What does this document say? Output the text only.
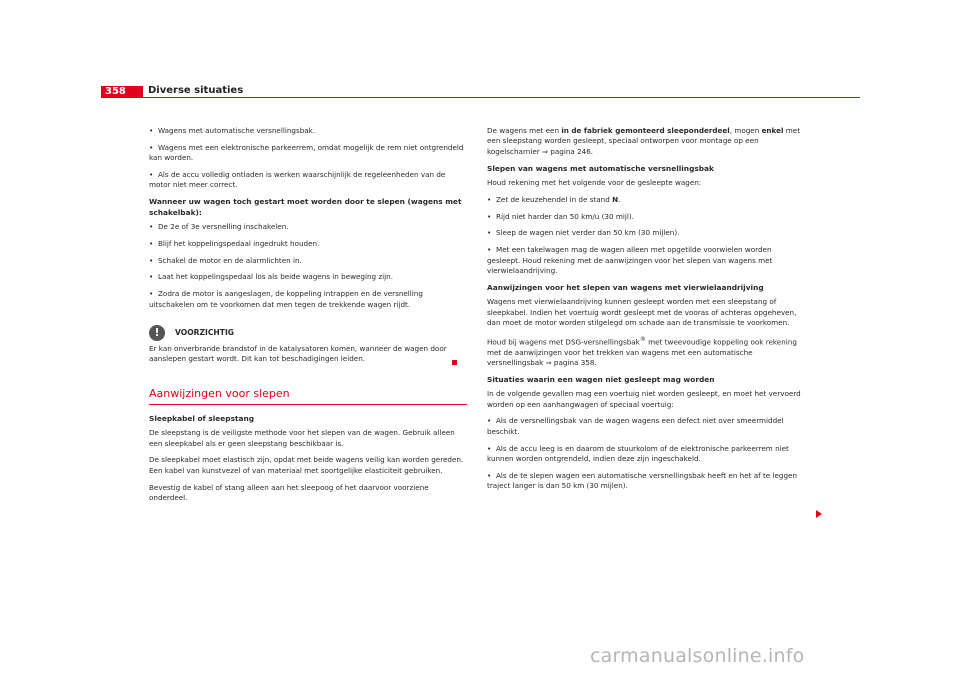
358	Diverse situaties
• Wagens met automatische versnellingsbak.
• Wagens met een elektronische parkeerrem, omdat mogelijk de rem niet ontgrendeld kan worden.
• Als de accu volledig ontladen is werken waarschijnlijk de regeleenheden van de motor niet meer correct.
Wanneer uw wagen toch gestart moet worden door te slepen (wagens met schakelbak):
• De 2e of 3e versnelling inschakelen.
• Blijf het koppelingspedaal ingedrukt houden.
• Schakel de motor en de alarmlichten in.
• Laat het koppelingspedaal los als beide wagens in beweging zijn.
• Zodra de motor is aangeslagen, de koppeling intrappen en de versnelling uitschakelen om te voorkomen dat men tegen de trekkende wagen rijdt.
!	VOORZICHTIG
Er kan onverbrande brandstof in de katalysatoren komen, wanneer de wagen door aanslepen gestart wordt. Dit kan tot beschadigingen leiden.
Aanwijzingen voor slepen
Sleepkabel of sleepstang
De sleepstang is de veiligste methode voor het slepen van de wagen. Gebruik alleen een sleepkabel als er geen sleepstang beschikbaar is.
De sleepkabel moet elastisch zijn, opdat met beide wagens veilig kan worden gereden. Een kabel van kunstvezel of van materiaal met soortgelijke elasticiteit gebruiken.
Bevestig de kabel of stang alleen aan het sleepoog of het daarvoor voorziene onderdeel.
De wagens met een in de fabriek gemonteerd sleeponderdeel, mogen enkel met een sleepstang worden gesleept, speciaal ontworpen voor montage op een kogelscharnier ⇒ pagina 246.
Slepen van wagens met automatische versnellingsbak
Houd rekening met het volgende voor de gesleepte wagen:
• Zet de keuzehendel in de stand N.
• Rijd niet harder dan 50 km/u (30 mijl).
• Sleep de wagen niet verder dan 50 km (30 mijlen).
• Met een takelwagen mag de wagen alleen met opgetilde voorwielen worden gesleept. Houd rekening met de aanwijzingen voor het slepen van wagens met vierwielaandrijving.
Aanwijzingen voor het slepen van wagens met vierwielaandrijving
Wagens met vierwielaandrijving kunnen gesleept worden met een sleepstang of sleepkabel. Indien het voertuig wordt gesleept met de vooras of achteras opgeheven, dan moet de motor worden stilgelegd om schade aan de transmissie te voorkomen.
Houd bij wagens met DSG-versnellingsbak® met tweevoudige koppeling ook rekening met de aanwijzingen voor het trekken van wagens met een automatische versnellingsbak ⇒ pagina 358.
Situaties waarin een wagen niet gesleept mag worden
In de volgende gevallen mag een voertuig niet worden gesleept, en moet het vervoerd worden op een aanhangwagen of speciaal voertuig:
• Als de versnellingsbak van de wagen wagens een defect niet over smeermiddel beschikt.
• Als de accu leeg is en daarom de stuurkolom of de elektronische parkeerrem niet kunnen worden ontgrendeld, indien deze zijn ingeschakeld.
• Als de te slepen wagen een automatische versnellingsbak heeft en het af te leggen traject langer is dan 50 km (30 mijlen).
carmanualsonline.info
